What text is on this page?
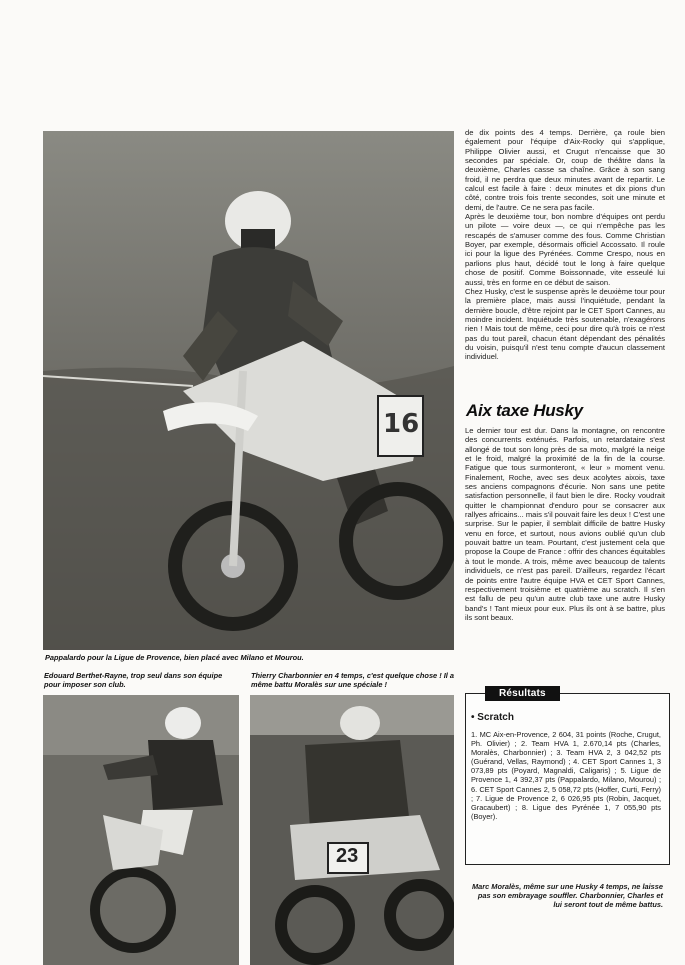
16
Pappalardo pour la Ligue de Provence, bien placé avec Milano et Mourou.
Edouard Berthet-Rayne, trop seul dans son équipe pour imposer son club.
Thierry Charbonnier en 4 temps, c'est quelque chose ! Il a même battu Moralès sur une spéciale !
23

de dix points des 4 temps. Derrière, ça roule bien également pour l'équipe d'Aix-Rocky qui s'applique, Philippe Olivier aussi, et Crugut n'encaisse que 30 secondes par spéciale. Or, coup de théâtre dans la deuxième, Charles casse sa chaîne. Grâce à son sang froid, il ne perdra que deux minutes avant de repartir. Le calcul est facile à faire : deux minutes et dix pions d'un côté, contre trois fois trente secondes, soit une minute et demi, de l'autre. Ce ne sera pas facile.

Après le deuxième tour, bon nombre d'équipes ont perdu un pilote — voire deux —, ce qui n'empêche pas les rescapés de s'amuser comme des fous. Comme Christian Boyer, par exemple, désormais officiel Accossato. Il roule ici pour la ligue des Pyrénées. Comme Crespo, nous en parlions plus haut, décidé tout le long à faire quelque chose de positif. Comme Boissonnade, vite esseulé lui aussi, très en forme en ce début de saison.

Chez Husky, c'est le suspense après le deuxième tour pour la première place, mais aussi l'inquiétude, pendant la dernière boucle, d'être rejoint par le CET Sport Cannes, au moindre incident. Inquiétude très soutenable, n'exagérons rien ! Mais tout de même, ceci pour dire qu'à trois ce n'est pas du tout pareil, chacun étant dépendant des pénalités du voisin, puisqu'il n'est tenu compte d'aucun classement individuel.

Aix taxe Husky

Le dernier tour est dur. Dans la montagne, on rencontre des concurrents exténués. Parfois, un retardataire s'est allongé de tout son long près de sa moto, malgré la neige et le froid, malgré la proximité de la fin de la course. Fatigue que tous surmonteront, « leur » moment venu. Finalement, Roche, avec ses deux acolytes aixois, taxe ses anciens compagnons d'écurie. Non sans une petite satisfaction personnelle, il faut bien le dire. Rocky voudrait quitter le championnat d'enduro pour se consacrer aux rallyes africains... mais s'il pouvait faire les deux ! C'est une surprise. Sur le papier, il semblait difficile de battre Husky venu en force, et surtout, nous avions oublié qu'un club pouvait battre un team. Pourtant, c'est justement cela que propose la Coupe de France : offrir des chances équitables à tout le monde. A trois, même avec beaucoup de talents individuels, ce n'est pas pareil. D'ailleurs, regardez l'écart de points entre l'autre équipe HVA et CET Sport Cannes, respectivement troisième et quatrième au scratch. Il s'en est fallu de peu qu'un autre club taxe une autre Husky band's ! Tant mieux pour eux. Plus ils ont à se battre, plus ils sont beaux.

Résultats
• Scratch
1. MC Aix-en-Provence, 2 604, 31 points (Roche, Crugut, Ph. Olivier) ; 2. Team HVA 1, 2.670,14 pts (Charles, Moralès, Charbonnier) ; 3. Team HVA 2, 3 042,52 pts (Guérand, Vellas, Raymond) ; 4. CET Sport Cannes 1, 3 073,89 pts (Poyard, Magnaldi, Caligaris) ; 5. Ligue de Provence 1, 4 392,37 pts (Pappalardo, Milano, Mourou) ; 6. CET Sport Cannes 2, 5 058,72 pts (Hoffer, Curti, Ferry) ; 7. Ligue de Provence 2, 6 026,95 pts (Robin, Jacquet, Gracaubert) ; 8. Ligue des Pyrénée 1, 7 055,90 pts (Boyer).
Marc Moralès, même sur une Husky 4 temps, ne laisse pas son embrayage souffler. Charbonnier, Charles et lui seront tout de même battus.
